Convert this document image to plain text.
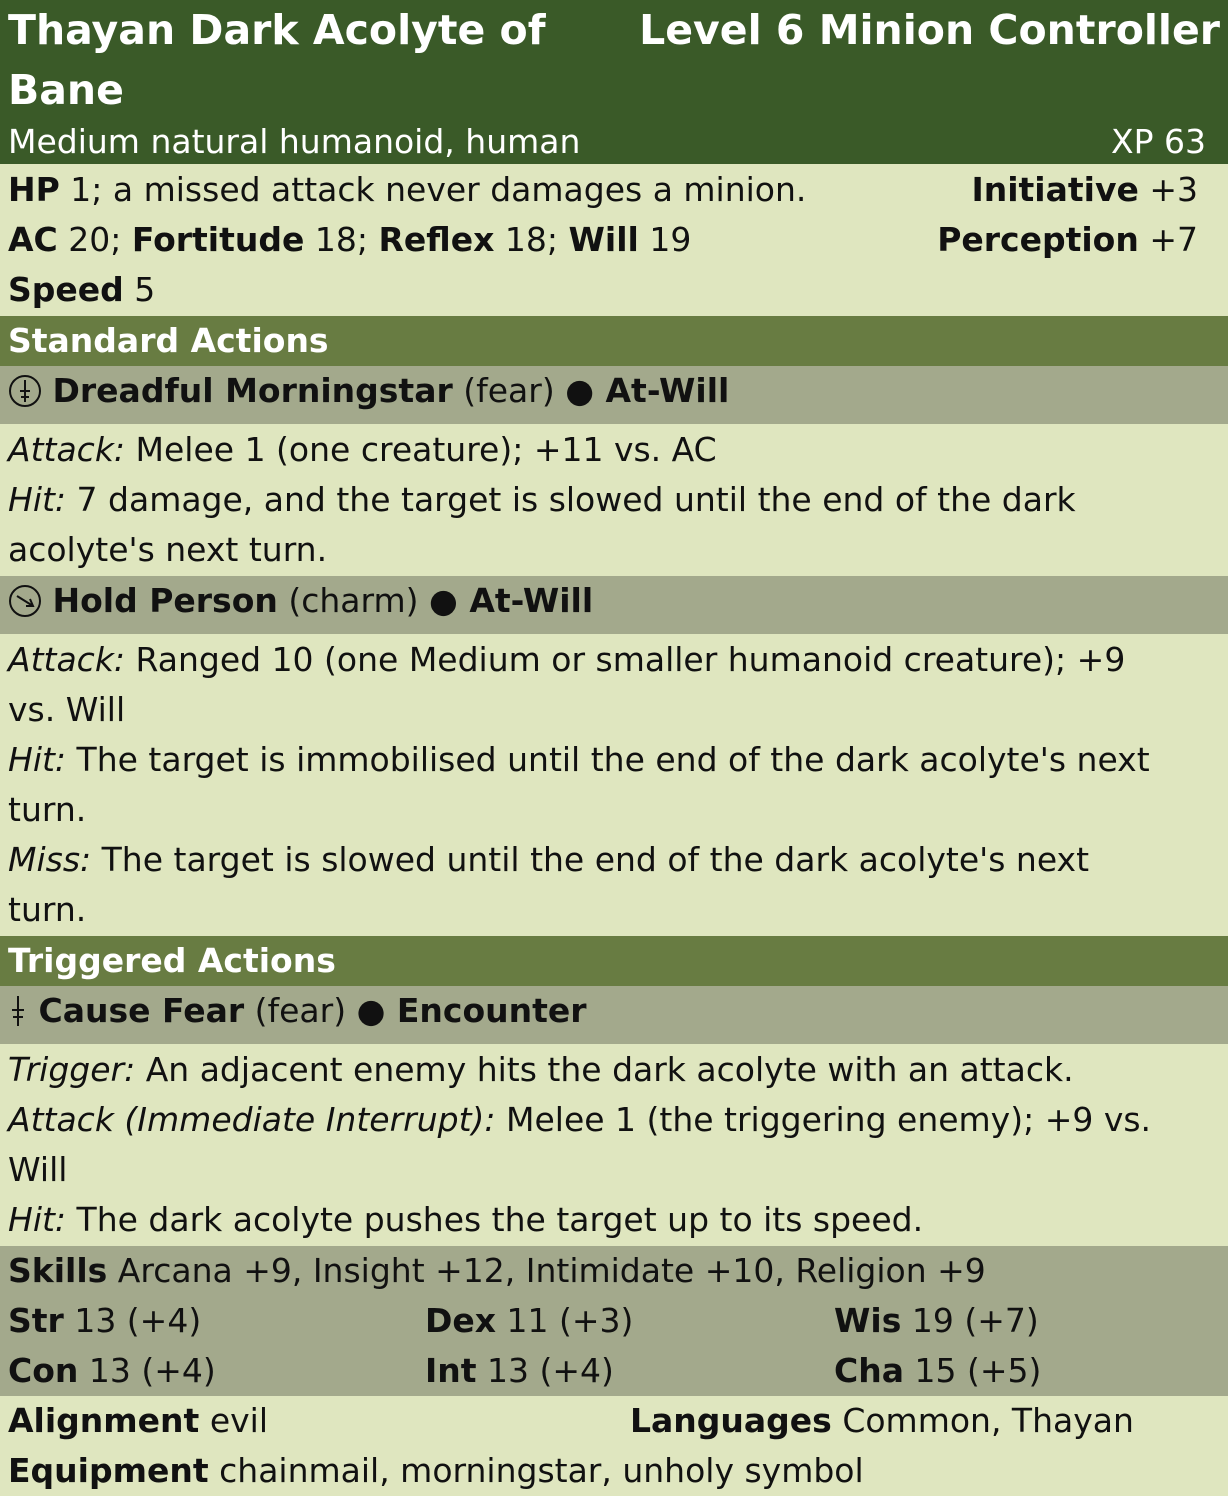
Thayan Dark Acolyte of
Bane
Level 6 Minion Controller
Medium natural humanoid, human	XP 63
HP 1; a missed attack never damages a minion.	Initiative +3
AC 20; Fortitude 18; Reflex 18; Will 19	Perception +7
Speed 5
Standard Actions
Dreadful Morningstar (fear) ● At-Will
Attack: Melee 1 (one creature); +11 vs. AC
Hit: 7 damage, and the target is slowed until the end of the dark
acolyte's next turn.
Hold Person (charm) ● At-Will
Attack: Ranged 10 (one Medium or smaller humanoid creature); +9
vs. Will
Hit: The target is immobilised until the end of the dark acolyte's next
turn.
Miss: The target is slowed until the end of the dark acolyte's next
turn.
Triggered Actions
Cause Fear (fear) ● Encounter
Trigger: An adjacent enemy hits the dark acolyte with an attack.
Attack (Immediate Interrupt): Melee 1 (the triggering enemy); +9 vs.
Will
Hit: The dark acolyte pushes the target up to its speed.
Skills Arcana +9, Insight +12, Intimidate +10, Religion +9
Str 13 (+4)	Dex 11 (+3)	Wis 19 (+7)
Con 13 (+4)	Int 13 (+4)	Cha 15 (+5)
Alignment evil	Languages Common, Thayan
Equipment chainmail, morningstar, unholy symbol
